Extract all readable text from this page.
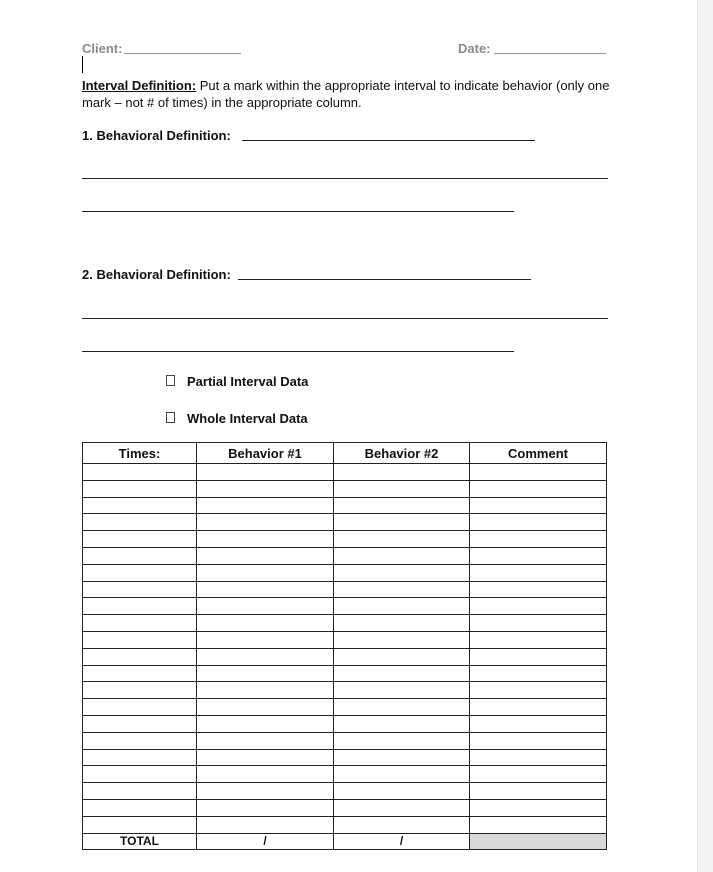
Client:	Date:
Interval Definition: Put a mark within the appropriate interval to indicate behavior (only one mark – not # of times) in the appropriate column.
1. Behavioral Definition:
2. Behavioral Definition:
Partial Interval Data
Whole Interval Data
Times:	Behavior #1	Behavior #2	Comment

TOTAL	/	/	
